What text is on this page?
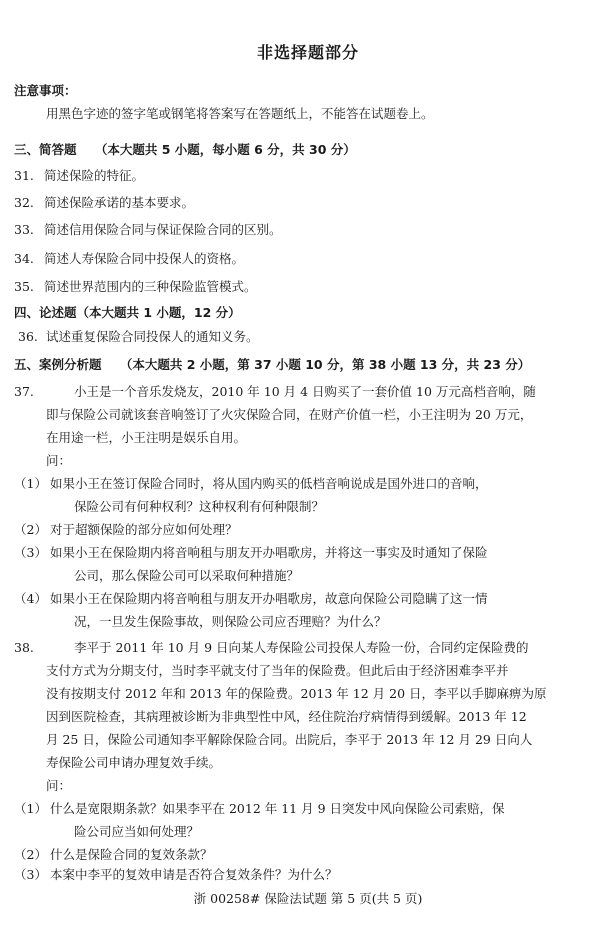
非选择题部分
注意事项：
用黑色字迹的签字笔或钢笔将答案写在答题纸上，不能答在试题卷上。
三、简答题 （本大题共 5 小题，每小题 6 分，共 30 分）
31. 简述保险的特征。
32. 简述保险承诺的基本要求。
33. 简述信用保险合同与保证保险合同的区别。
34. 简述人寿保险合同中投保人的资格。
35. 简述世界范围内的三种保险监管模式。
四、论述题（本大题共 1 小题，12 分）
36. 试述重复保险合同投保人的通知义务。
五、案例分析题 （本大题共 2 小题，第 37 小题 10 分，第 38 小题 13 分，共 23 分）
37.	小王是一个音乐发烧友，2010 年 10 月 4 日购买了一套价值 10 万元高档音响，随
即与保险公司就该套音响签订了火灾保险合同，在财产价值一栏，小王注明为 20 万元，
在用途一栏，小王注明是娱乐自用。
问：
（1） 如果小王在签订保险合同时，将从国内购买的低档音响说成是国外进口的音响，
保险公司有何种权利？这种权利有何种限制？
（2） 对于超额保险的部分应如何处理？
（3） 如果小王在保险期内将音响租与朋友开办唱歌房，并将这一事实及时通知了保险
公司，那么保险公司可以采取何种措施？
（4） 如果小王在保险期内将音响租与朋友开办唱歌房，故意向保险公司隐瞒了这一情
况，一旦发生保险事故，则保险公司应否理赔？为什么？
38.	李平于 2011 年 10 月 9 日向某人寿保险公司投保人寿险一份，合同约定保险费的
支付方式为分期支付，当时李平就支付了当年的保险费。但此后由于经济困难李平并
没有按期支付 2012 年和 2013 年的保险费。2013 年 12 月 20 日，李平以手脚麻痹为原
因到医院检查，其病理被诊断为非典型性中风，经住院治疗病情得到缓解。2013 年 12
月 25 日，保险公司通知李平解除保险合同。出院后，李平于 2013 年 12 月 29 日向人
寿保险公司申请办理复效手续。
问：
（1） 什么是宽限期条款？如果李平在 2012 年 11 月 9 日突发中风向保险公司索赔，保
险公司应当如何处理？
（2） 什么是保险合同的复效条款？
（3） 本案中李平的复效申请是否符合复效条件？为什么？
浙 00258# 保险法试题 第 5 页(共 5 页)
